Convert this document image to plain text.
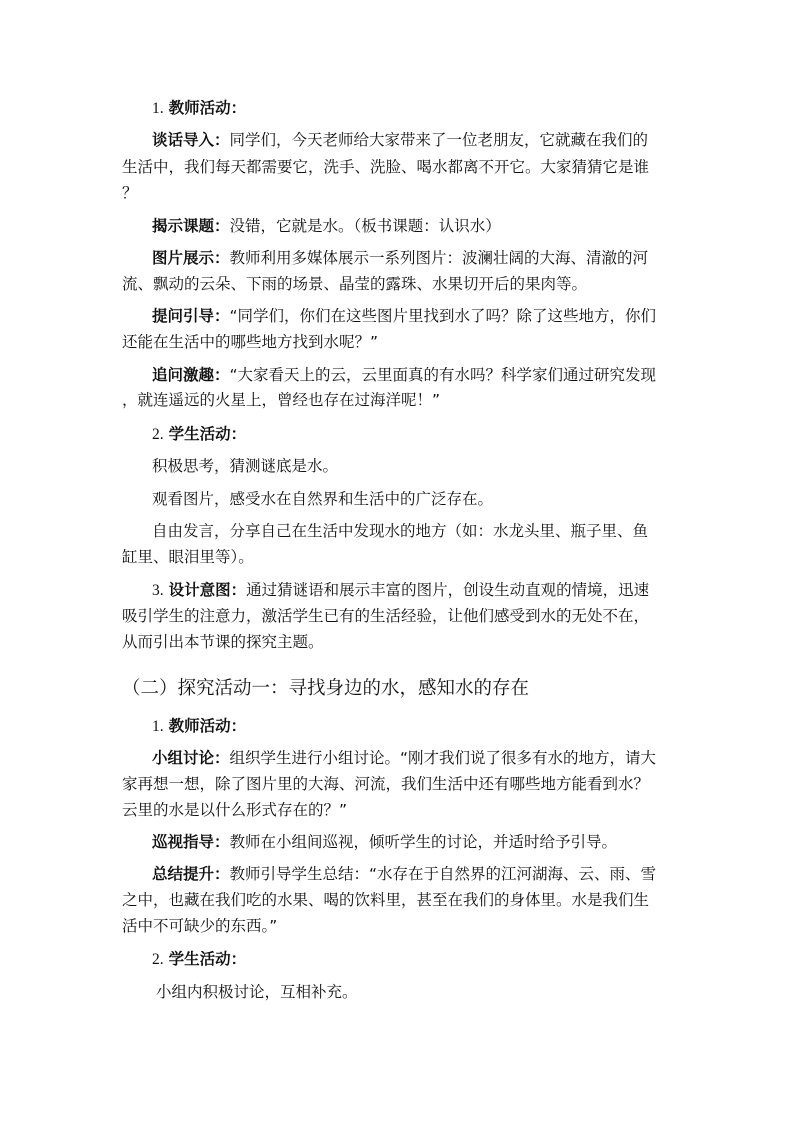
1. 教师活动：
谈话导入：同学们，今天老师给大家带来了一位老朋友，它就藏在我们的
生活中，我们每天都需要它，洗手、洗脸、喝水都离不开它。大家猜猜它是谁
？
揭示课题：没错，它就是水。（板书课题：认识水）
图片展示：教师利用多媒体展示一系列图片：波澜壮阔的大海、清澈的河
流、飘动的云朵、下雨的场景、晶莹的露珠、水果切开后的果肉等。
提问引导：“同学们，你们在这些图片里找到水了吗？除了这些地方，你们
还能在生活中的哪些地方找到水呢？”
追问激趣：“大家看天上的云，云里面真的有水吗？科学家们通过研究发现
，就连遥远的火星上，曾经也存在过海洋呢！”
2. 学生活动：
积极思考，猜测谜底是水。
观看图片，感受水在自然界和生活中的广泛存在。
自由发言，分享自己在生活中发现水的地方（如：水龙头里、瓶子里、鱼
缸里、眼泪里等）。
3. 设计意图：通过猜谜语和展示丰富的图片，创设生动直观的情境，迅速
吸引学生的注意力，激活学生已有的生活经验，让他们感受到水的无处不在，
从而引出本节课的探究主题。
（二）探究活动一：寻找身边的水，感知水的存在
1. 教师活动：
小组讨论：组织学生进行小组讨论。“刚才我们说了很多有水的地方，请大
家再想一想，除了图片里的大海、河流，我们生活中还有哪些地方能看到水？
云里的水是以什么形式存在的？”
巡视指导：教师在小组间巡视，倾听学生的讨论，并适时给予引导。
总结提升：教师引导学生总结：“水存在于自然界的江河湖海、云、雨、雪
之中，也藏在我们吃的水果、喝的饮料里，甚至在我们的身体里。水是我们生
活中不可缺少的东西。”
2. 学生活动：
小组内积极讨论，互相补充。
